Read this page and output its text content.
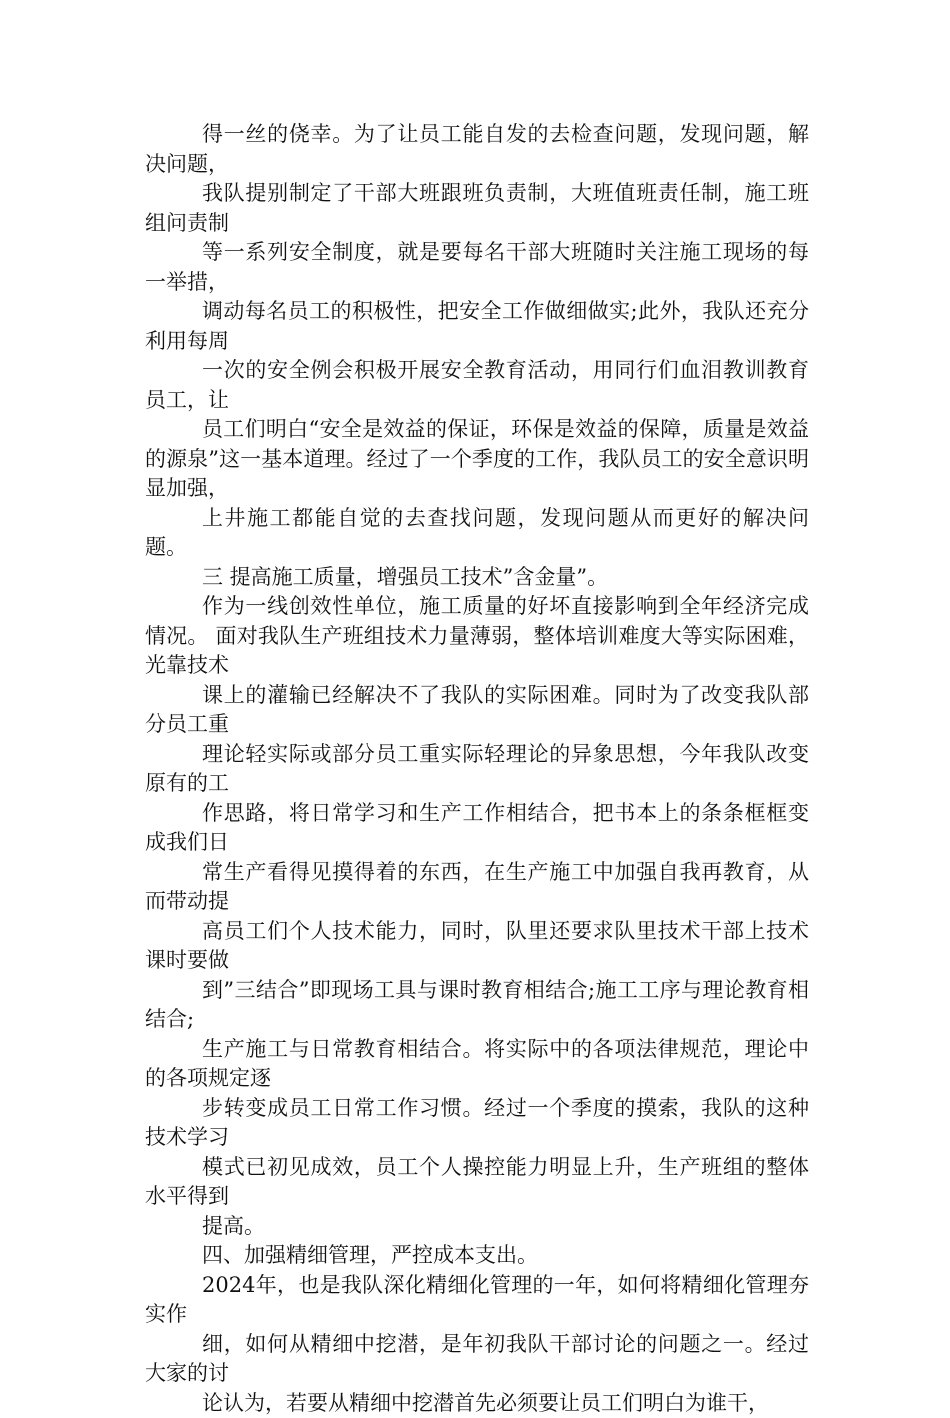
得一丝的侥幸。为了让员工能自发的去检查问题，发现问题，解决问题，

我队提别制定了干部大班跟班负责制，大班值班责任制，施工班组问责制

等一系列安全制度，就是要每名干部大班随时关注施工现场的每一举措，

调动每名员工的积极性，把安全工作做细做实;此外，我队还充分利用每周

一次的安全例会积极开展安全教育活动，用同行们血泪教训教育员工，让

员工们明白“安全是效益的保证，环保是效益的保障，质量是效益的源泉”这一基本道理。经过了一个季度的工作，我队员工的安全意识明显加强，

上井施工都能自觉的去查找问题，发现问题从而更好的解决问题。

三 提高施工质量，增强员工技术”含金量”。

作为一线创效性单位，施工质量的好坏直接影响到全年经济完成情况。 面对我队生产班组技术力量薄弱，整体培训难度大等实际困难，光靠技术

课上的灌输已经解决不了我队的实际困难。同时为了改变我队部分员工重

理论轻实际或部分员工重实际轻理论的异象思想，今年我队改变原有的工

作思路，将日常学习和生产工作相结合，把书本上的条条框框变成我们日

常生产看得见摸得着的东西，在生产施工中加强自我再教育，从而带动提

高员工们个人技术能力，同时，队里还要求队里技术干部上技术课时要做

到”三结合”即现场工具与课时教育相结合;施工工序与理论教育相结合;

生产施工与日常教育相结合。将实际中的各项法律规范，理论中的各项规定逐

步转变成员工日常工作习惯。经过一个季度的摸索，我队的这种技术学习

模式已初见成效，员工个人操控能力明显上升，生产班组的整体水平得到

提高。

四、加强精细管理，严控成本支出。

2024年，也是我队深化精细化管理的一年，如何将精细化管理夯实作

细，如何从精细中挖潜，是年初我队干部讨论的问题之一。经过大家的讨

论认为，若要从精细中挖潜首先必须要让员工们明白为谁干，
